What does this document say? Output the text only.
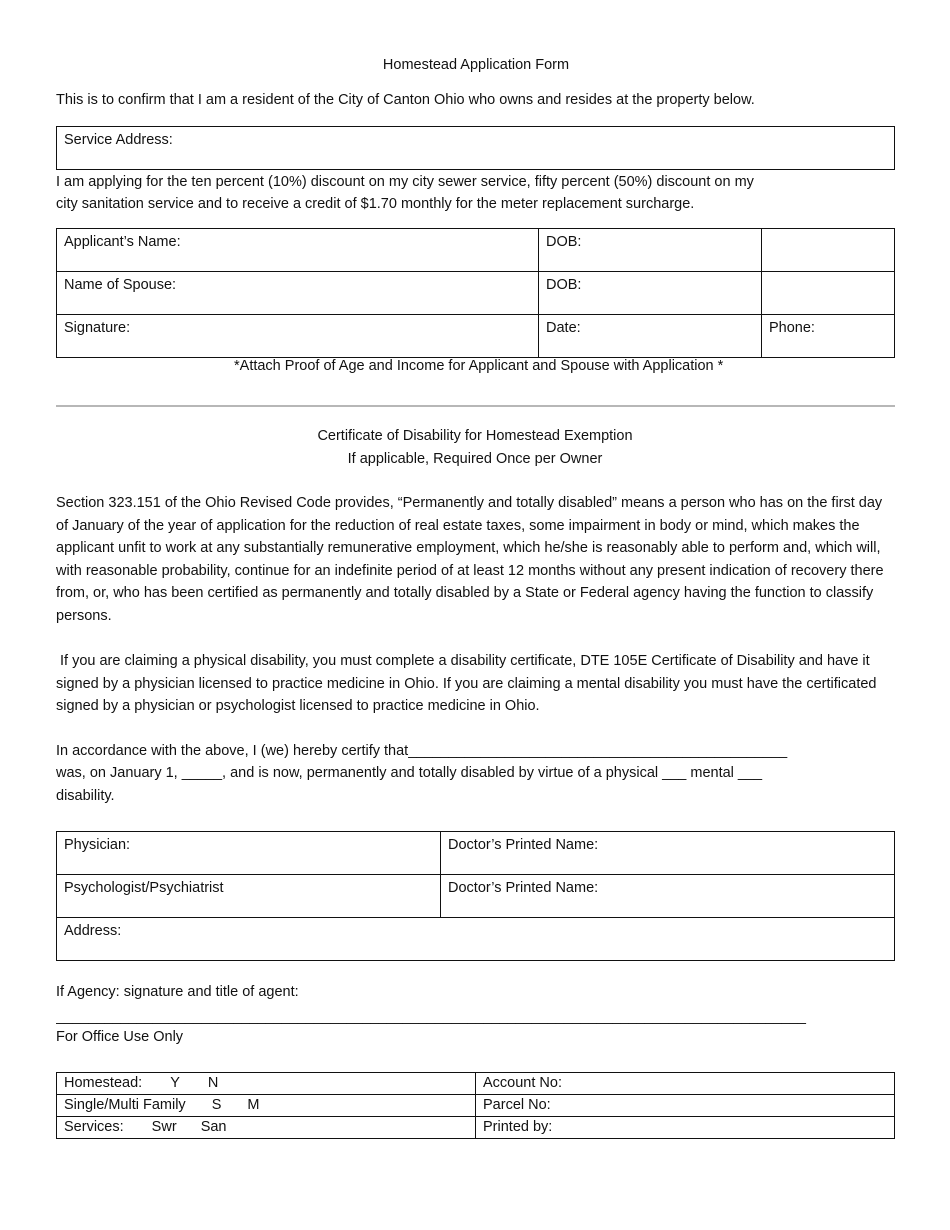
Homestead Application Form
This is to confirm that I am a resident of the City of Canton Ohio who owns and resides at the property below.
Service Address:
I am applying for the ten percent (10%) discount on my city sewer service, fifty percent (50%) discount on my
city sanitation service and to receive a credit of $1.70 monthly for the meter replacement surcharge.
Applicant’s Name:	DOB:	
Name of Spouse:	DOB:	
Signature:	Date:	Phone:
*Attach Proof of Age and Income for Applicant and Spouse with Application *
Certificate of Disability for Homestead Exemption
If applicable, Required Once per Owner
Section 323.151 of the Ohio Revised Code provides, “Permanently and totally disabled” means a person who has on the first day of January of the year of application for the reduction of real estate taxes, some impairment in body or mind, which makes the applicant unfit to work at any substantially remunerative employment, which he/she is reasonably able to perform and, which will, with reasonable probability, continue for an indefinite period of at least 12 months without any present indication of recovery there from, or, who has been certified as permanently and totally disabled by a State or Federal agency having the function to classify persons.
If you are claiming a physical disability, you must complete a disability certificate, DTE 105E Certificate of Disability and have it signed by a physician licensed to practice medicine in Ohio. If you are claiming a mental disability you must have the certificated signed by a physician or psychologist licensed to practice medicine in Ohio.
In accordance with the above, I (we) hereby certify that_______________________________________________
was, on January 1, _____, and is now, permanently and totally disabled by virtue of a physical ___ mental ___
disability.
Physician:	Doctor’s Printed Name:
Psychologist/Psychiatrist	Doctor’s Printed Name:
Address:	
If Agency: signature and title of agent:
_____________________________________________________________________________________________
For Office Use Only
Homestead: Y N	Account No:
Single/Multi Family S M	Parcel No:
Services: Swr San	Printed by:
